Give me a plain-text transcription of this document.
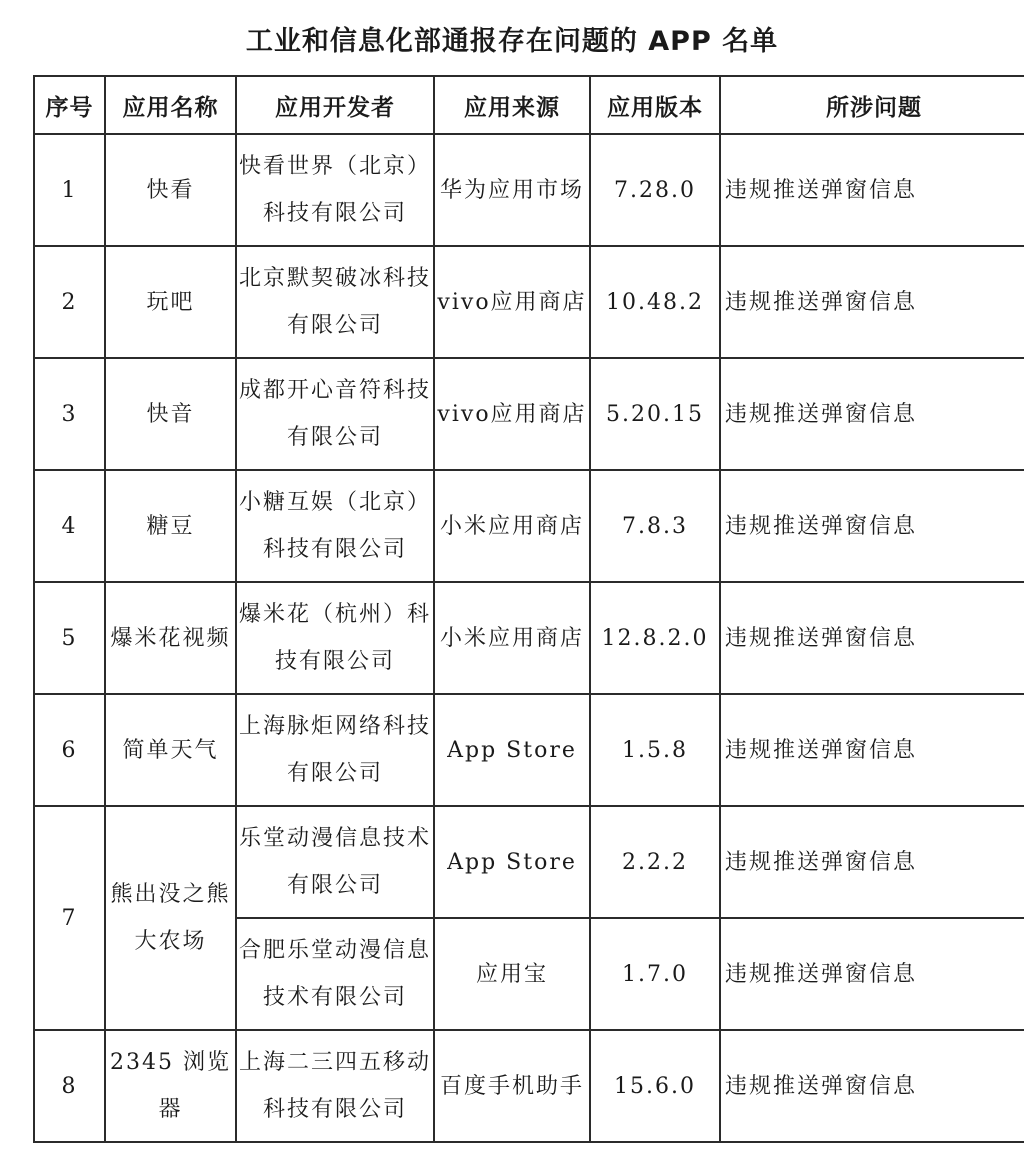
工业和信息化部通报存在问题的 APP 名单
序号	应用名称	应用开发者	应用来源	应用版本	所涉问题
1	快看	快看世界（北京）科技有限公司	华为应用市场	7.28.0	违规推送弹窗信息
2	玩吧	北京默契破冰科技有限公司	vivo应用商店	10.48.2	违规推送弹窗信息
3	快音	成都开心音符科技有限公司	vivo应用商店	5.20.15	违规推送弹窗信息
4	糖豆	小糖互娱（北京）科技有限公司	小米应用商店	7.8.3	违规推送弹窗信息
5	爆米花视频	爆米花（杭州）科技有限公司	小米应用商店	12.8.2.0	违规推送弹窗信息
6	简单天气	上海脉炬网络科技有限公司	App Store	1.5.8	违规推送弹窗信息
7	熊出没之熊大农场	乐堂动漫信息技术有限公司	App Store	2.2.2	违规推送弹窗信息
		合肥乐堂动漫信息技术有限公司	应用宝	1.7.0	违规推送弹窗信息
8	2345 浏览器	上海二三四五移动科技有限公司	百度手机助手	15.6.0	违规推送弹窗信息
